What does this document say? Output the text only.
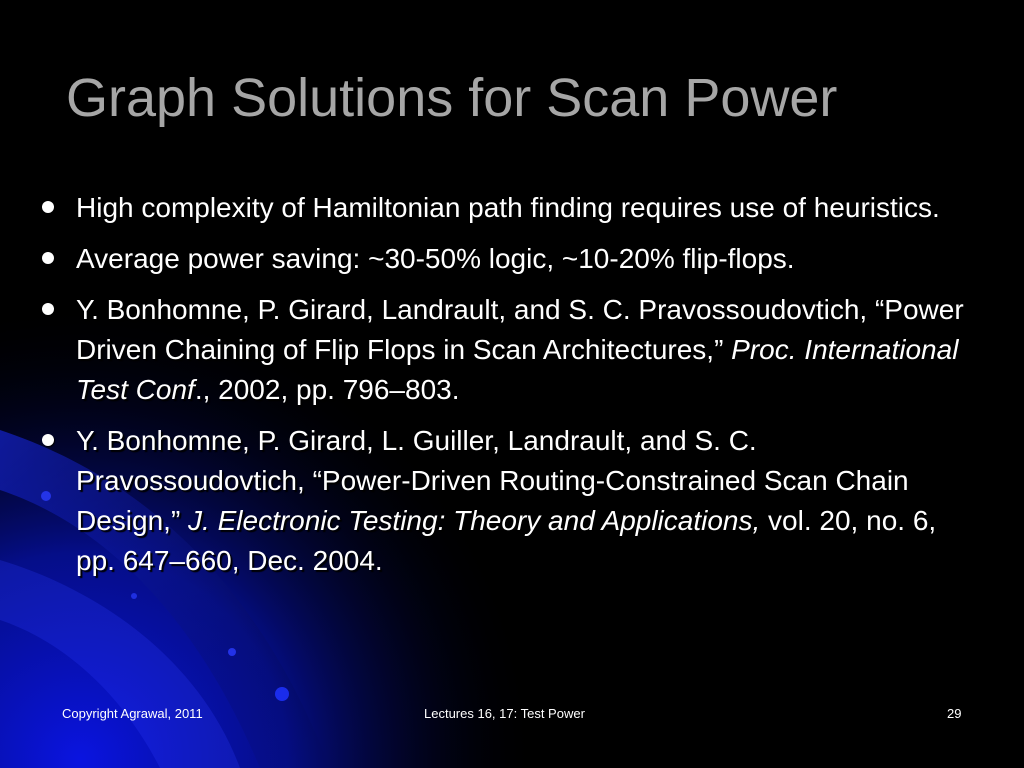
Graph Solutions for Scan Power
High complexity of Hamiltonian path finding requires use of heuristics.
Average power saving: ~30-50% logic, ~10-20% flip-flops.
Y. Bonhomne, P. Girard, Landrault, and S. C. Pravossoudovtich, “Power Driven Chaining of Flip Flops in Scan Architectures,” Proc. International Test Conf., 2002, pp. 796–803.
Y. Bonhomne, P. Girard, L. Guiller, Landrault, and S. C. Pravossoudovtich, “Power-Driven Routing-Constrained Scan Chain Design,” J. Electronic Testing: Theory and Applications, vol. 20, no. 6, pp. 647–660, Dec. 2004.
Copyright Agrawal, 2011	Lectures 16, 17: Test Power	29
